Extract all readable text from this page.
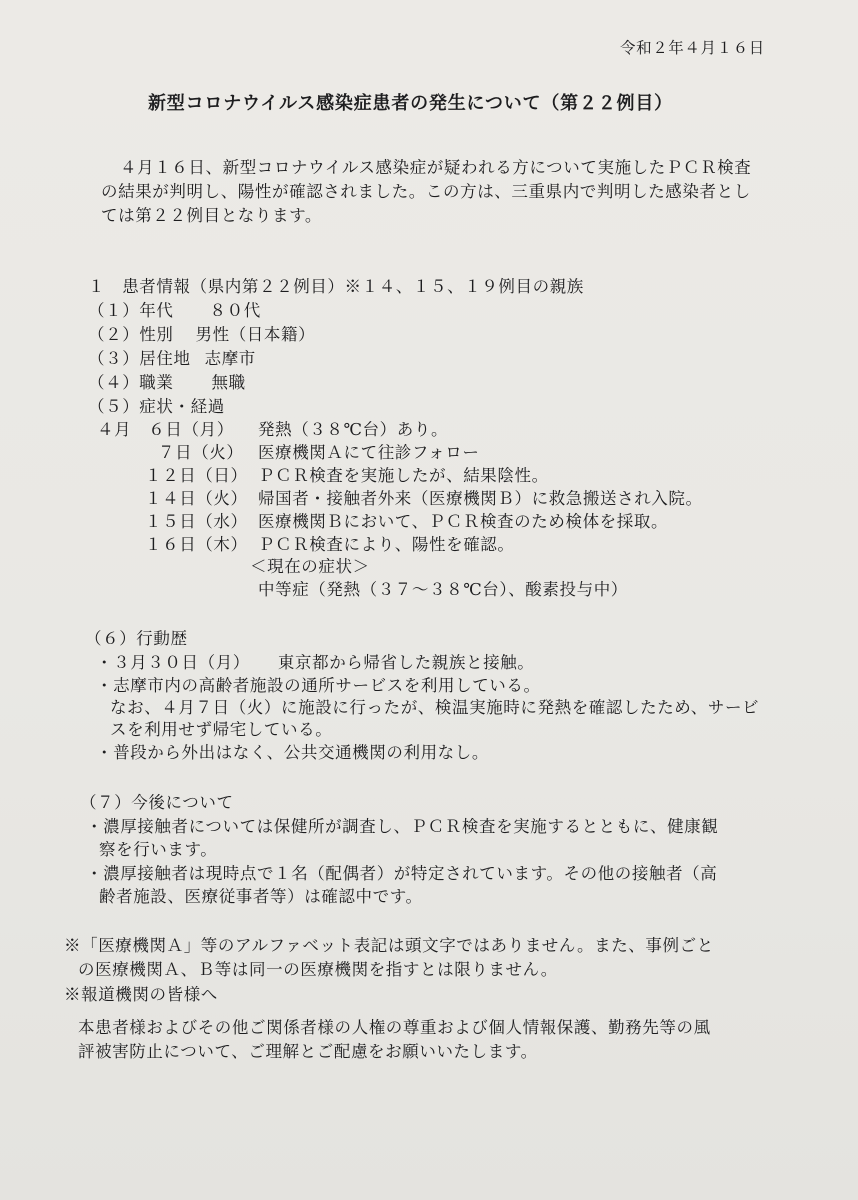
令和２年４月１６日
新型コロナウイルス感染症患者の発生について（第２２例目）
４月１６日、新型コロナウイルス感染症が疑われる方について実施したＰＣＲ検査
の結果が判明し、陽性が確認されました。この方は、三重県内で判明した感染者とし
ては第２２例目となります。
１　患者情報（県内第２２例目）※１４、１５、１９例目の親族
（１）年代 ８０代
（２）性別 男性（日本籍）
（３）居住地 志摩市
（４）職業 無職
（５）症状・経過
４月　６日（月） 発熱（３８℃台）あり。
７日（火） 医療機関Ａにて往診フォロー
１２日（日） ＰＣＲ検査を実施したが、結果陰性。
１４日（火） 帰国者・接触者外来（医療機関Ｂ）に救急搬送され入院。
１５日（水） 医療機関Ｂにおいて、ＰＣＲ検査のため検体を採取。
１６日（木） ＰＣＲ検査により、陽性を確認。
＜現在の症状＞
中等症（発熱（３７～３８℃台）、酸素投与中）
（６）行動歴
・３月３０日（月） 東京都から帰省した親族と接触。
・志摩市内の高齢者施設の通所サービスを利用している。
なお、４月７日（火）に施設に行ったが、検温実施時に発熱を確認したため、サービ
スを利用せず帰宅している。
・普段から外出はなく、公共交通機関の利用なし。
（７）今後について
・濃厚接触者については保健所が調査し、ＰＣＲ検査を実施するとともに、健康観
察を行います。
・濃厚接触者は現時点で１名（配偶者）が特定されています。その他の接触者（高
齢者施設、医療従事者等）は確認中です。
※「医療機関Ａ」等のアルファベット表記は頭文字ではありません。また、事例ごと
の医療機関Ａ、Ｂ等は同一の医療機関を指すとは限りません。
※報道機関の皆様へ
本患者様およびその他ご関係者様の人権の尊重および個人情報保護、勤務先等の風
評被害防止について、ご理解とご配慮をお願いいたします。
